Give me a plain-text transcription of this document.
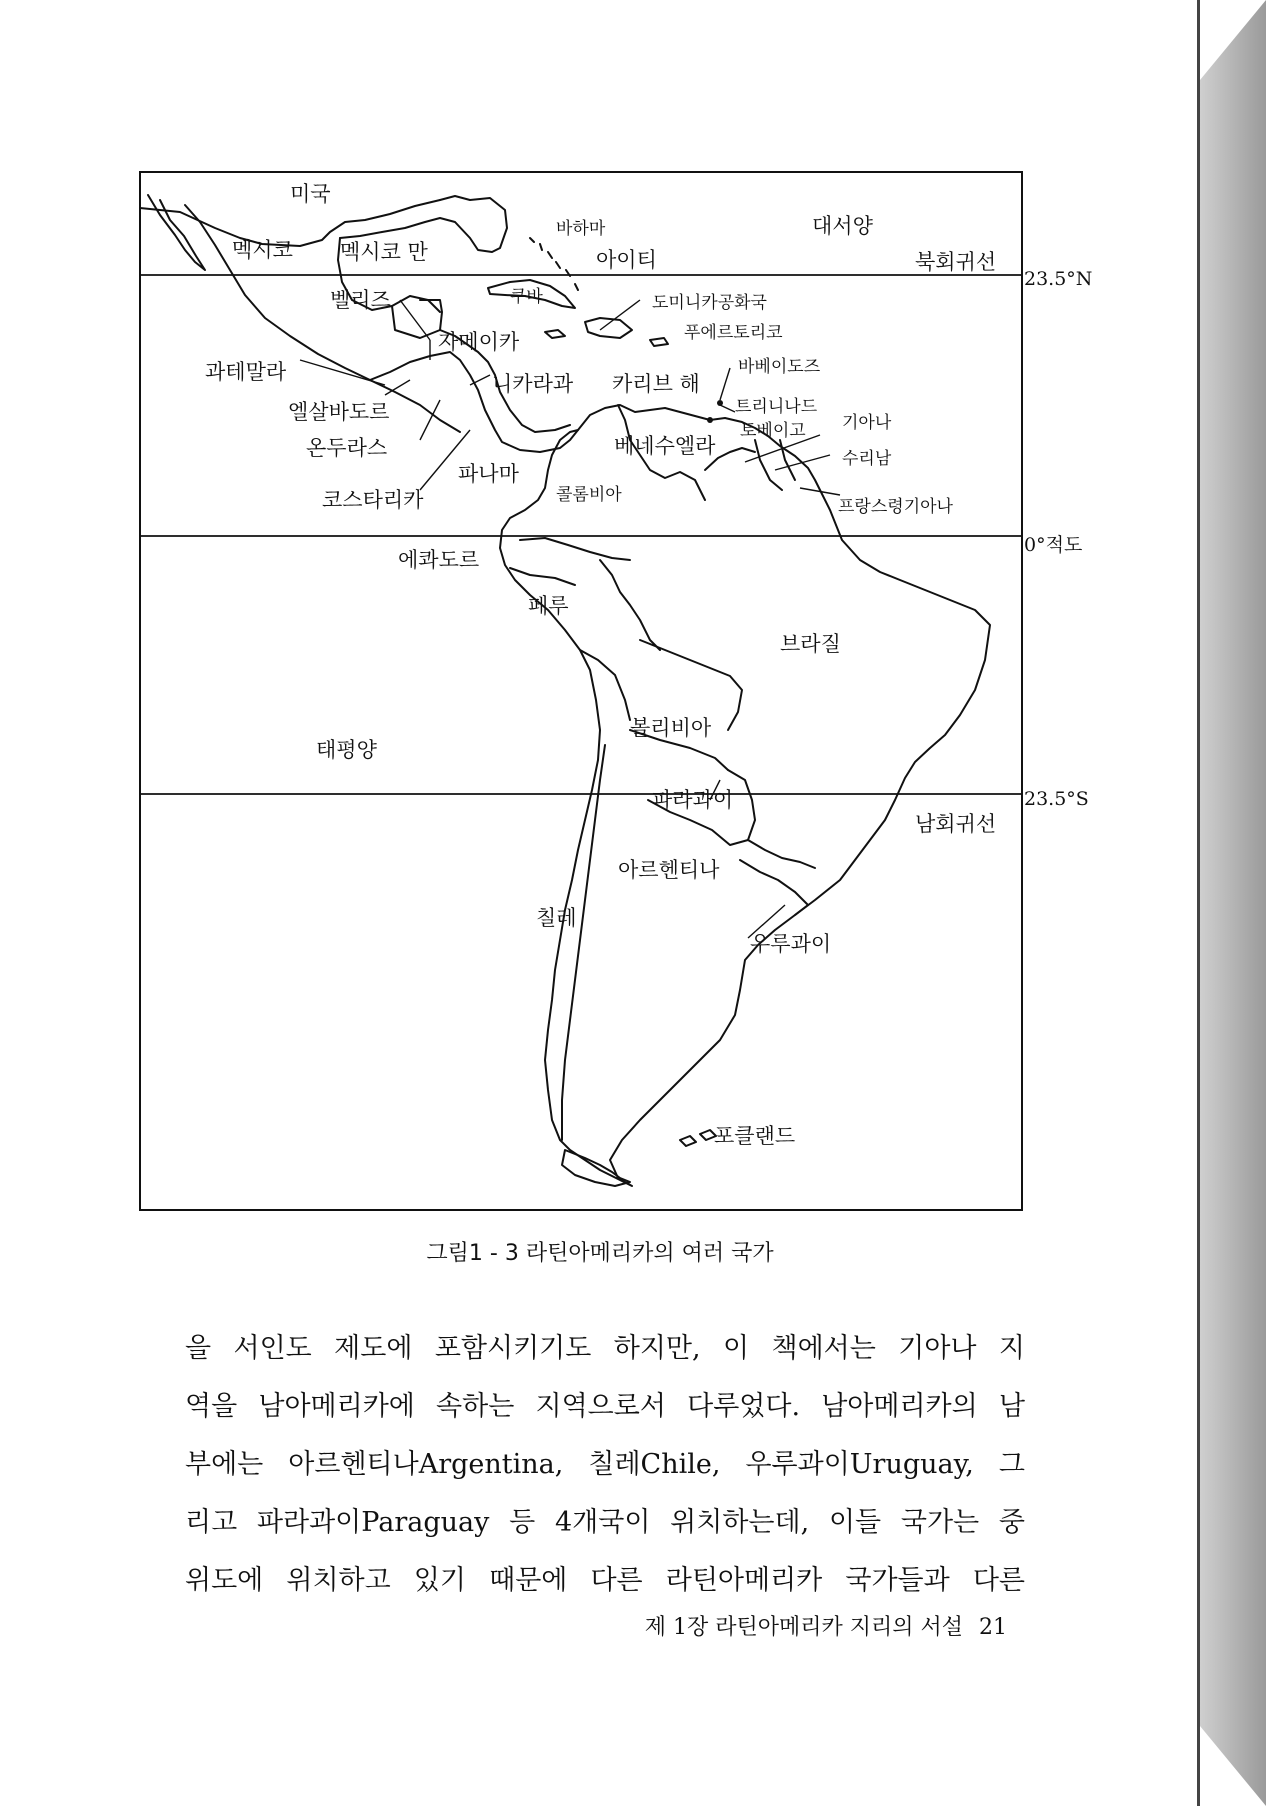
미국
멕시코 멕시코 만
바하마	대서양
아이티	북회귀선
23.5°N
벨리즈	쿠바	도미니카공화국
자메이카	푸에르토리코
과테말라	바베이도즈
니카라과 카리브 해
엘살바도르	트리니나드
기아나
토베이고
온두라스	베네수엘라
수리남
파나마
코스타리카	콜롬비아
프랑스령기아나
에콰도르
0°적도
페루
브라질
볼리비아
태평양
파라과이	23.5°S
남회귀선
아르헨티나
칠레
우루과이
포클랜드
그림1 - 3 라틴아메리카의 여러 국가
을 서인도 제도에 포함시키기도 하지만, 이 책에서는 기아나 지
역을 남아메리카에 속하는 지역으로서 다루었다. 남아메리카의 남
부에는 아르헨티나Argentina, 칠레Chile, 우루과이Uruguay, 그
리고 파라과이Paraguay 등 4개국이 위치하는데, 이들 국가는 중
위도에 위치하고 있기 때문에 다른 라틴아메리카 국가들과 다른
제 1장 라틴아메리카 지리의 서설 21
